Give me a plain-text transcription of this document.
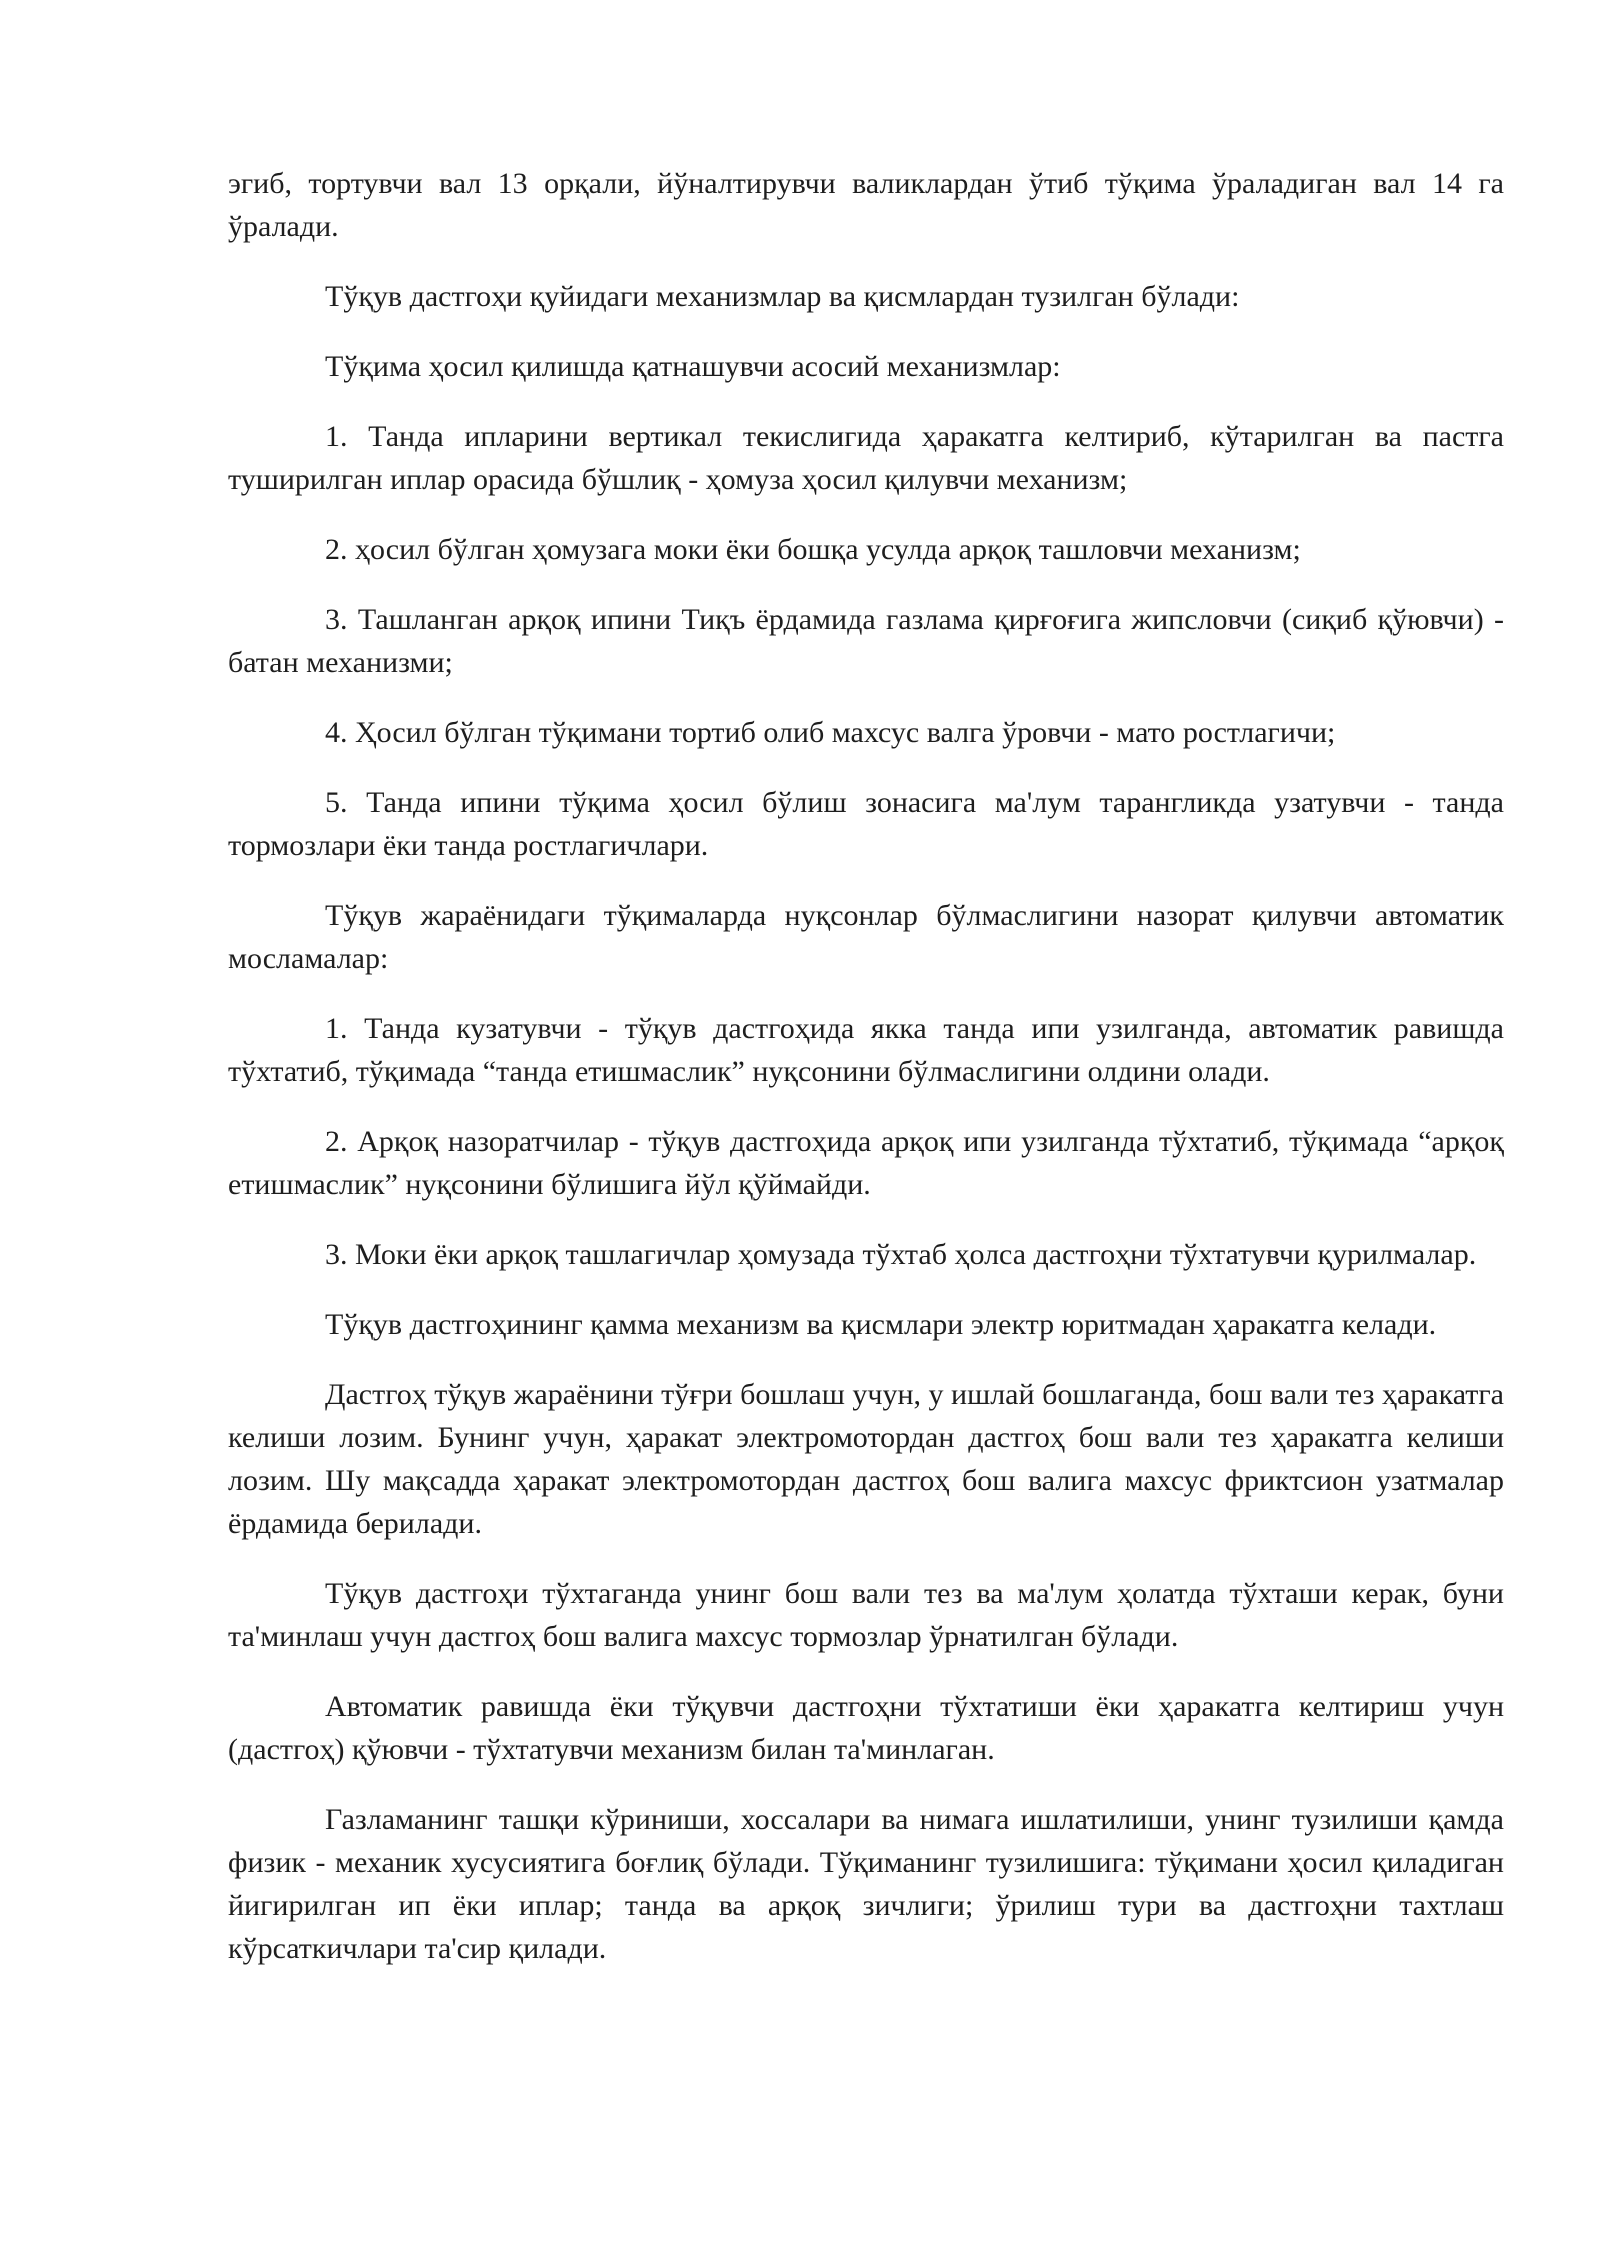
эгиб, тортувчи вал 13 орқали, йўналтирувчи валиклардан ўтиб тўқима ўраладиган вал 14 га ўралади.

Тўқув дастгоҳи қуйидаги механизмлар ва қисмлардан тузилган бўлади:

Тўқима ҳосил қилишда қатнашувчи асосий механизмлар:

1. Танда ипларини вертикал текислигида ҳаракатга келтириб, кўтарилган ва пастга туширилган иплар орасида бўшлиқ - ҳомуза ҳосил қилувчи механизм;

2. ҳосил бўлган ҳомузага моки ёки бошқа усулда арқоқ ташловчи механизм;

3. Ташланган арқоқ ипини Тиқъ ёрдамида газлама қирғоғига жипсловчи (сиқиб қўювчи) - батан механизми;

4. Ҳосил бўлган тўқимани тортиб олиб махсус валга ўровчи - мато ростлагичи;

5. Танда ипини тўқима ҳосил бўлиш зонасига ма'лум тарангликда узатувчи - танда тормозлари ёки танда ростлагичлари.

Тўқув жараёнидаги тўқималарда нуқсонлар бўлмаслигини назорат қилувчи автоматик мосламалар:

1. Танда кузатувчи - тўқув дастгоҳида якка танда ипи узилганда, автоматик равишда тўхтатиб, тўқимада “танда етишмаслик” нуқсонини бўлмаслигини олдини олади.

2. Арқоқ назоратчилар - тўқув дастгоҳида арқоқ ипи узилганда тўхтатиб, тўқимада “арқоқ етишмаслик” нуқсонини бўлишига йўл қўймайди.

3. Моки ёки арқоқ ташлагичлар ҳомузада тўхтаб ҳолса дастгоҳни тўхтатувчи қурилмалар.

Тўқув дастгоҳининг қамма механизм ва қисмлари электр юритмадан ҳаракатга келади.

Дастгоҳ тўқув жараёнини тўғри бошлаш учун, у ишлай бошлаганда, бош вали тез ҳаракатга келиши лозим. Бунинг учун, ҳаракат электромотордан дастгоҳ бош вали тез ҳаракатга келиши лозим. Шу мақсадда ҳаракат электромотордан дастгоҳ бош валига махсус фриктсион узатмалар ёрдамида берилади.

Тўқув дастгоҳи тўхтаганда унинг бош вали тез ва ма'лум ҳолатда тўхташи керак, буни та'минлаш учун дастгоҳ бош валига махсус тормозлар ўрнатилган бўлади.

Автоматик равишда ёки тўқувчи дастгоҳни тўхтатиши ёки ҳаракатга келтириш учун (дастгоҳ) қўювчи - тўхтатувчи механизм билан та'минлаган.

Газламанинг ташқи кўриниши, хоссалари ва нимага ишлатилиши, унинг тузилиши қамда физик - механик хусусиятига боғлиқ бўлади. Тўқиманинг тузилишига: тўқимани ҳосил қиладиган йигирилган ип ёки иплар; танда ва арқоқ зичлиги; ўрилиш тури ва дастгоҳни тахтлаш кўрсаткичлари та'сир қилади.
